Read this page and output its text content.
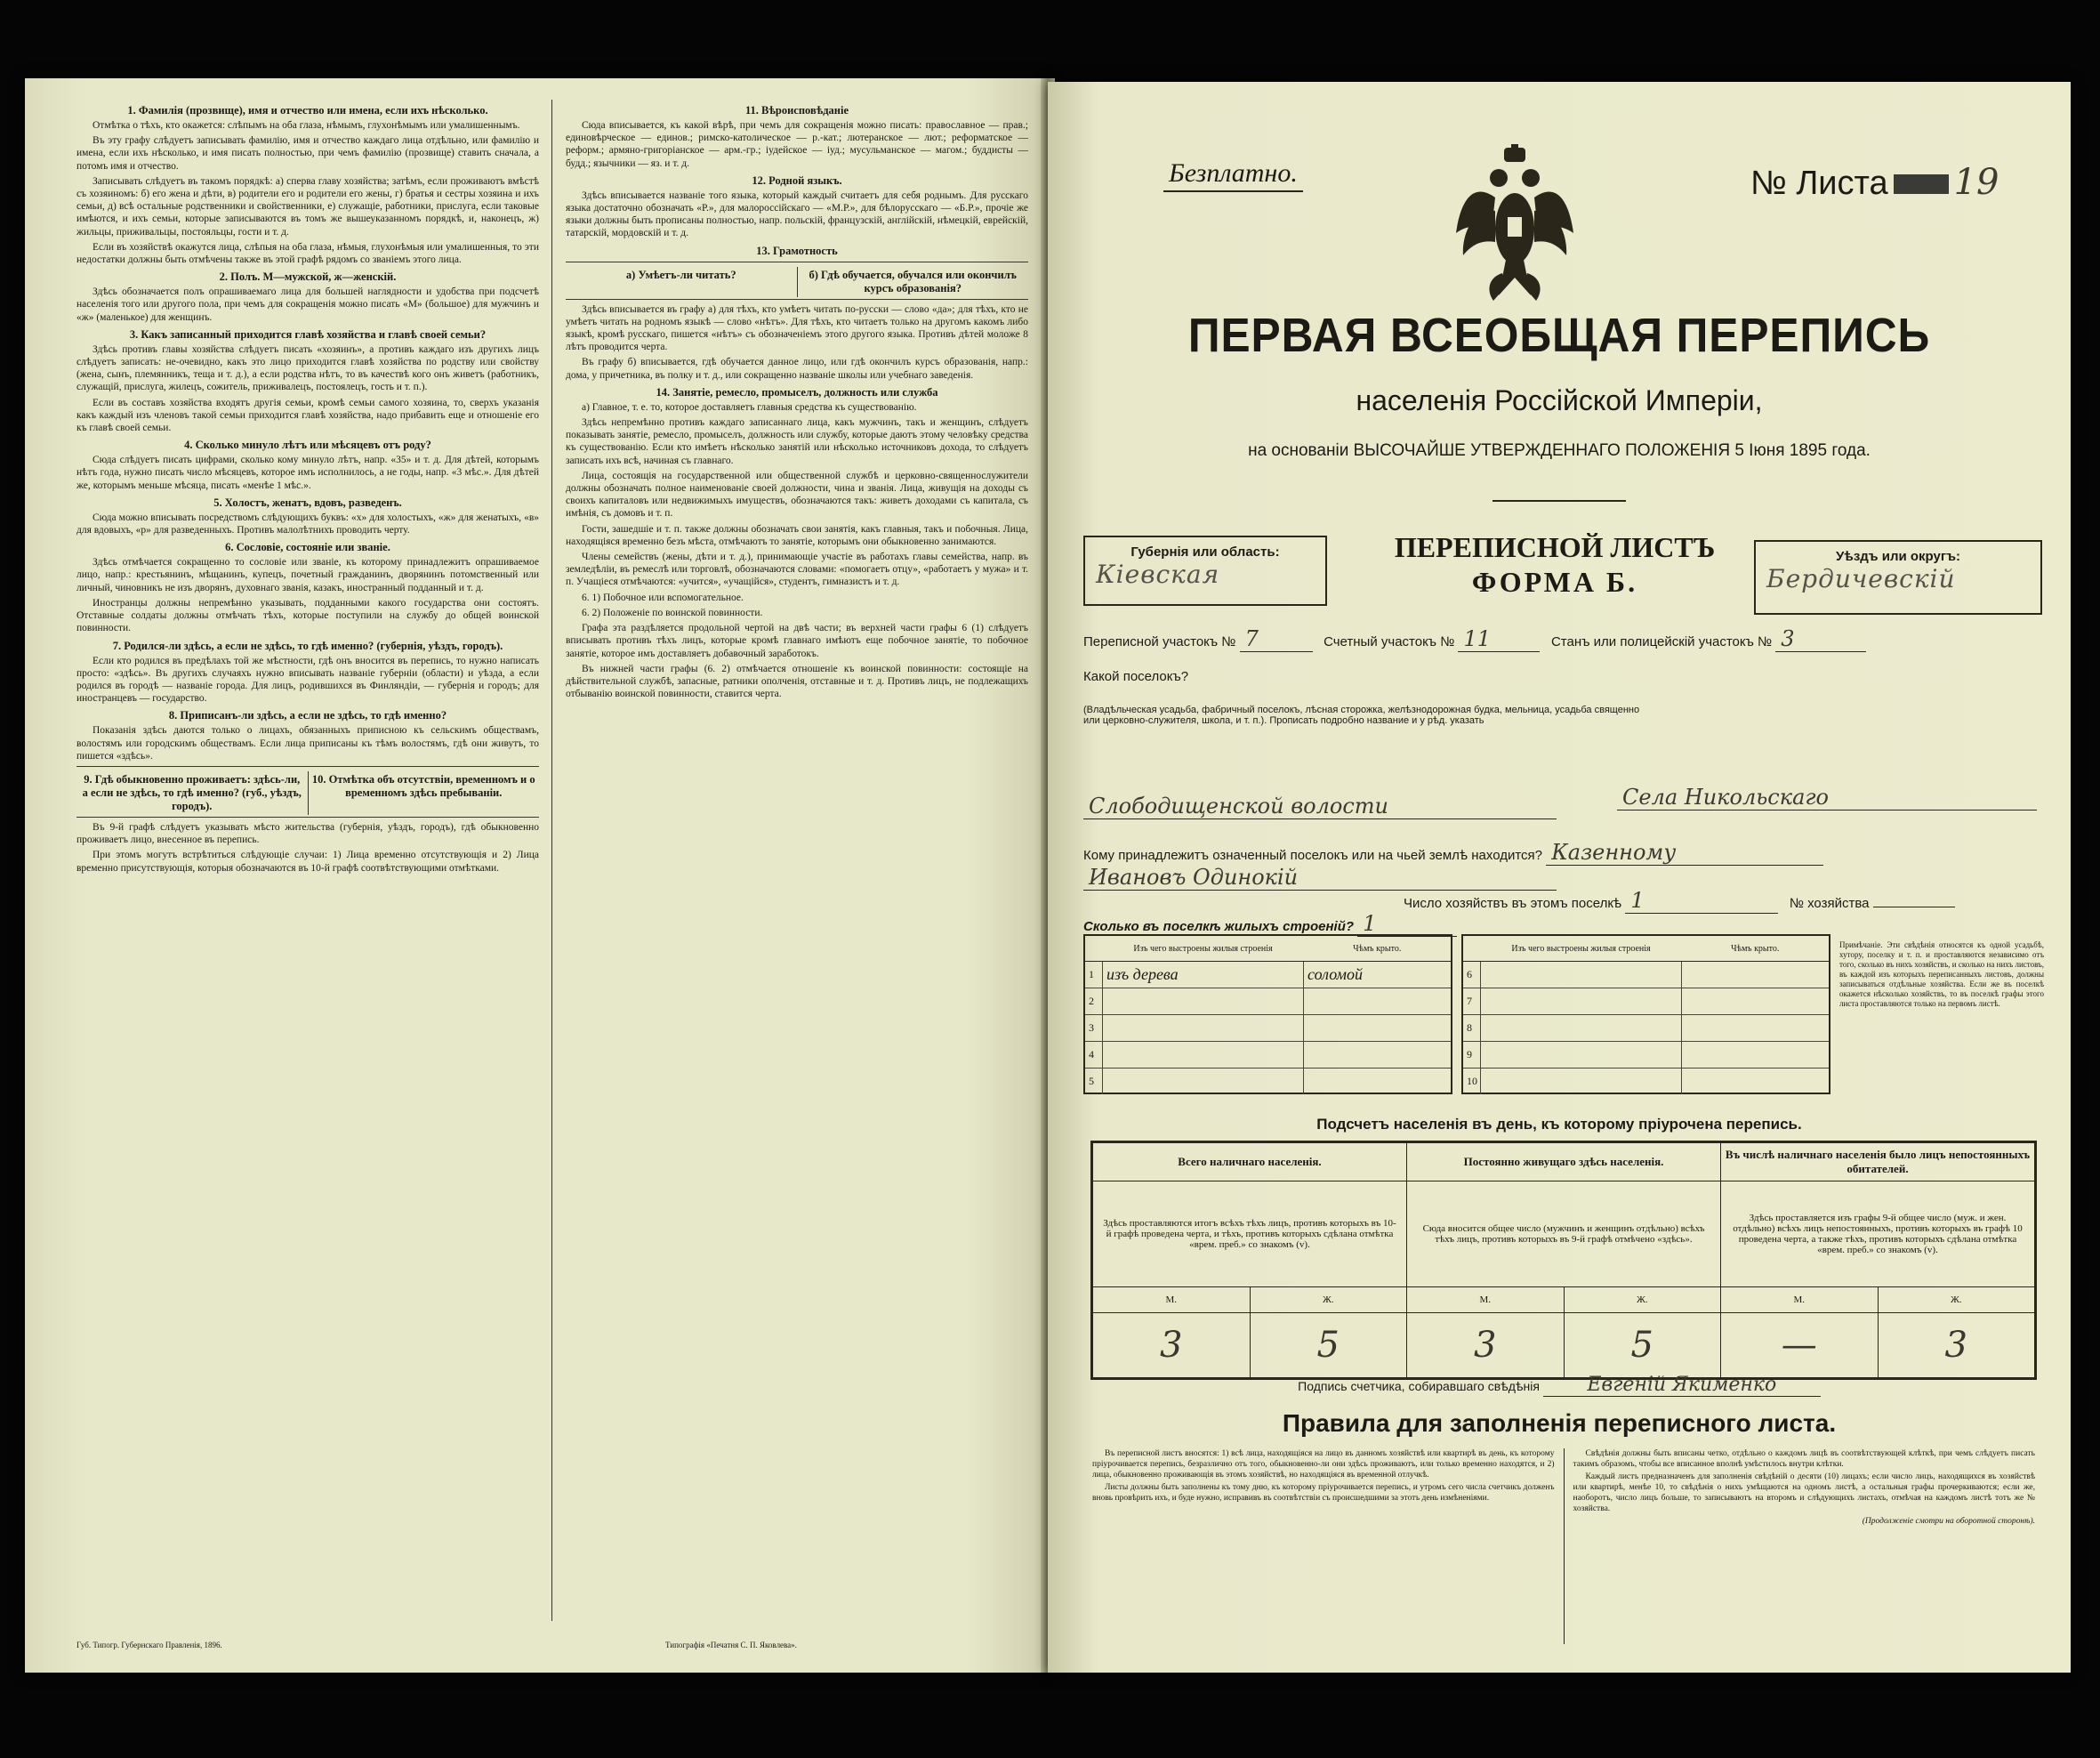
1. Фамилія (прозвище), имя и отчество или имена, если ихъ нѣсколько.

Отмѣтка о тѣхъ, кто окажется: слѣпымъ на оба глаза, нѣмымъ, глухонѣмымъ или умалишеннымъ.

Въ эту графу слѣдуетъ записывать фамилію, имя и отчество каждаго лица отдѣльно, или фамилію и имена, если ихъ нѣсколько, и имя писать полностью, при чемъ фамилію (прозвище) ставить сначала, а потомъ имя и отчество.

Записывать слѣдуетъ въ такомъ порядкѣ: а) сперва главу хозяйства; затѣмъ, если проживаютъ вмѣстѣ съ хозяиномъ: б) его жена и дѣти, в) родители его и родители его жены, г) братья и сестры хозяина и ихъ семьи, д) всѣ остальные родственники и свойственники, е) служащіе, работники, прислуга, если таковые имѣются, и ихъ семьи, которые записываются въ томъ же вышеуказанномъ порядкѣ, и, наконецъ, ж) жильцы, приживальцы, постояльцы, гости и т. д.

Если въ хозяйствѣ окажутся лица, слѣпыя на оба глаза, нѣмыя, глухонѣмыя или умалишенныя, то эти недостатки должны быть отмѣчены также въ этой графѣ рядомъ со званіемъ этого лица.

2. Полъ. М—мужской, ж—женскій.

Здѣсь обозначается полъ опрашиваемаго лица для большей наглядности и удобства при подсчетѣ населенія того или другого пола, при чемъ для сокращенія можно писать «М» (большое) для мужчинъ и «ж» (маленькое) для женщинъ.

3. Какъ записанный приходится главѣ хозяйства и главѣ своей семьи?

Здѣсь противъ главы хозяйства слѣдуетъ писать «хозяинъ», а противъ каждаго изъ другихъ лицъ слѣдуетъ записать: не-очевидно, какъ это лицо приходится главѣ хозяйства по родству или свойству (жена, сынъ, племянникъ, теща и т. д.), а если родства нѣтъ, то въ качествѣ кого онъ живетъ (работникъ, служащій, прислуга, жилецъ, сожитель, приживалецъ, постоялецъ, гость и т. п.).

Если въ составъ хозяйства входятъ другія семьи, кромѣ семьи самого хозяина, то, сверхъ указанія какъ каждый изъ членовъ такой семьи приходится главѣ хозяйства, надо прибавить еще и отношеніе его къ главѣ своей семьи.

4. Сколько минуло лѣтъ или мѣсяцевъ отъ роду?

Сюда слѣдуетъ писать цифрами, сколько кому минуло лѣтъ, напр. «35» и т. д. Для дѣтей, которымъ нѣтъ года, нужно писать число мѣсяцевъ, которое имъ исполнилось, а не годы, напр. «3 мѣс.». Для дѣтей же, которымъ меньше мѣсяца, писать «менѣе 1 мѣс.».

5. Холостъ, женатъ, вдовъ, разведенъ.

Сюда можно вписывать посредствомъ слѣдующихъ буквъ: «х» для холостыхъ, «ж» для женатыхъ, «в» для вдовыхъ, «р» для разведенныхъ. Противъ малолѣтнихъ проводить черту.

6. Сословіе, состояніе или званіе.

Здѣсь отмѣчается сокращенно то сословіе или званіе, къ которому принадлежитъ опрашиваемое лицо, напр.: крестьянинъ, мѣщанинъ, купецъ, почетный гражданинъ, дворянинъ потомственный или личный, чиновникъ не изъ дворянъ, духовнаго званія, казакъ, иностранный подданный и т. д.

Иностранцы должны непремѣнно указывать, подданными какого государства они состоятъ. Отставные солдаты должны отмѣчать тѣхъ, которые поступили на службу до общей воинской повинности.

7. Родился-ли здѣсь, а если не здѣсь, то гдѣ именно? (губернія, уѣздъ, городъ).

Если кто родился въ предѣлахъ той же мѣстности, гдѣ онъ вносится въ перепись, то нужно написать просто: «здѣсь». Въ другихъ случаяхъ нужно вписывать названіе губерніи (области) и уѣзда, а если родился въ городѣ — названіе города. Для лицъ, родившихся въ Финляндіи, — губернія и городъ; для иностранцевъ — государство.

8. Приписанъ-ли здѣсь, а если не здѣсь, то гдѣ именно?

Показанія здѣсь даются только о лицахъ, обязанныхъ приписною къ сельскимъ обществамъ, волостямъ или городскимъ обществамъ. Если лица приписаны къ тѣмъ волостямъ, гдѣ они живутъ, то пишется «здѣсь».

9. Гдѣ обыкновенно проживаетъ: здѣсь-ли, а если не здѣсь, то гдѣ именно? (губ., уѣздъ, городъ).
10. Отмѣтка объ отсутствіи, временномъ и о временномъ здѣсь пребываніи.

Въ 9-й графѣ слѣдуетъ указывать мѣсто жительства (губернія, уѣздъ, городъ), гдѣ обыкновенно проживаетъ лицо, внесенное въ перепись.

При этомъ могутъ встрѣтиться слѣдующіе случаи: 1) Лица временно отсутствующія и 2) Лица временно присутствующія, которыя обозначаются въ 10-й графѣ соотвѣтствующими отмѣтками.

11. Вѣроисповѣданіе

Сюда вписывается, къ какой вѣрѣ, при чемъ для сокращенія можно писать: православное — прав.; единовѣрческое — единов.; римско-католическое — р.-кат.; лютеранское — лют.; реформатское — реформ.; армяно-григоріанское — арм.-гр.; іудейское — іуд.; мусульманское — магом.; буддисты — будд.; язычники — яз. и т. д.

12. Родной языкъ.

Здѣсь вписывается названіе того языка, который каждый считаетъ для себя роднымъ. Для русскаго языка достаточно обозначать «Р.», для малороссійскаго — «М.Р.», для бѣлорусскаго — «Б.Р.», прочіе же языки должны быть прописаны полностью, напр. польскій, французскій, англійскій, нѣмецкій, еврейскій, татарскій, мордовскій и т. д.

13. Грамотность
а) Умѣетъ-ли читать?	б) Гдѣ обучается, обучался или окончилъ курсъ образованія?

Здѣсь вписывается въ графу а) для тѣхъ, кто умѣетъ читать по-русски — слово «да»; для тѣхъ, кто не умѣетъ читать на родномъ языкѣ — слово «нѣтъ». Для тѣхъ, кто читаетъ только на другомъ какомъ либо языкѣ, кромѣ русскаго, пишется «нѣтъ» съ обозначеніемъ этого другого языка. Противъ дѣтей моложе 8 лѣтъ проводится черта.

Въ графу б) вписывается, гдѣ обучается данное лицо, или гдѣ окончилъ курсъ образованія, напр.: дома, у причетника, въ полку и т. д., или сокращенно названіе школы или учебнаго заведенія.

14. Занятіе, ремесло, промыселъ, должность или служба

а) Главное, т. е. то, которое доставляетъ главныя средства къ существованію.

Здѣсь непремѣнно противъ каждаго записаннаго лица, какъ мужчинъ, такъ и женщинъ, слѣдуетъ показывать занятіе, ремесло, промыселъ, должность или службу, которые даютъ этому человѣку средства къ существованію. Если кто имѣетъ нѣсколько занятій или нѣсколько источниковъ дохода, то слѣдуетъ записать ихъ всѣ, начиная съ главнаго.

Лица, состоящія на государственной или общественной службѣ и церковно-священнослужители должны обозначать полное наименованіе своей должности, чина и званія. Лица, живущія на доходы съ своихъ капиталовъ или недвижимыхъ имуществъ, обозначаются такъ: живетъ доходами съ капитала, съ имѣнія, съ домовъ и т. п.

Гости, зашедшіе и т. п. также должны обозначать свои занятія, какъ главныя, такъ и побочныя. Лица, находящіяся временно безъ мѣста, отмѣчаютъ то занятіе, которымъ они обыкновенно занимаются.

Члены семействъ (жены, дѣти и т. д.), принимающіе участіе въ работахъ главы семейства, напр. въ земледѣліи, въ ремеслѣ или торговлѣ, обозначаются словами: «помогаетъ отцу», «работаетъ у мужа» и т. п. Учащіеся отмѣчаются: «учится», «учащійся», студентъ, гимназистъ и т. д.

6. 1) Побочное или вспомогательное.

6. 2) Положеніе по воинской повинности.

Графа эта раздѣляется продольной чертой на двѣ части; въ верхней части графы 6 (1) слѣдуетъ вписывать противъ тѣхъ лицъ, которые кромѣ главнаго имѣютъ еще побочное занятіе, то побочное занятіе, которое имъ доставляетъ добавочный заработокъ.

Въ нижней части графы (6. 2) отмѣчается отношеніе къ воинской повинности: состоящіе на дѣйствительной службѣ, запасные, ратники ополченія, отставные и т. д. Противъ лицъ, не подлежащихъ отбыванію воинской повинности, ставится черта.

Губ. Типогр. Губернскаго Правленія, 1896.	Типографія «Печатня С. П. Яковлева».
Безплатно.	№ Листа 19
ПЕРВАЯ ВСЕОБЩАЯ ПЕРЕПИСЬ
населенія Россійской Имперіи,
на основаніи ВЫСОЧАЙШЕ УТВЕРЖДЕННАГО ПОЛОЖЕНІЯ 5 Іюня 1895 года.
Губернія или область:
Кіевская
ПЕРЕПИСНОЙ ЛИСТЪ
ФОРМА Б.
Уѣздъ или округъ:
Бердичевскій
Переписной участокъ № 7	Счетный участокъ № 11	Станъ или полицейскій участокъ № 3
Какой поселокъ?
(Владѣльческая усадьба, фабричный поселокъ, лѣсная сторожка, желѣзнодорожная будка, мельница, усадьба священно или церковно-служителя, школа, и т. п.). Прописать подробно название и у рѣд. указать
Села Никольскаго
Слободищенской волости
Кому принадлежитъ означенный поселокъ или на чьей землѣ находится? Казенному
Ивановъ Одинокій
Число хозяйствъ въ этомъ поселкѣ 1	№ хозяйства
Сколько въ поселкѣ жилыхъ строеній? 1
	Изъ чего выстроены жилыя строенія	Чѣмъ крыто.
1	изъ дерева	соломой
2		
3		
4		
5		
	Изъ чего выстроены жилыя строенія	Чѣмъ крыто.
6		
7		
8		
9		
10		
Примѣчаніе. Эти свѣдѣнія относятся къ одной усадьбѣ, хутору, поселку и т. п. и проставляются независимо отъ того, сколько въ нихъ хозяйствъ, и сколько на нихъ листовъ, въ каждой изъ которыхъ переписанныхъ листовъ, должны записываться отдѣльные хозяйства. Если же въ поселкѣ окажется нѣсколько хозяйствъ, то въ поселкѣ графы этого листа проставляются только на первомъ листѣ.
Подсчетъ населенія въ день, къ которому пріурочена перепись.
Всего наличнаго населенія.		Постоянно живущаго здѣсь населенія.		Въ числѣ наличнаго населенія было лицъ непостоянныхъ обитателей.	
Здѣсь проставляются итогъ всѣхъ тѣхъ лицъ, противъ которыхъ въ 10-й графѣ проведена черта, и тѣхъ, противъ которыхъ сдѣлана отмѣтка «врем. преб.» со знакомъ (v).		Сюда вносится общее число (мужчинъ и женщинъ отдѣльно) всѣхъ тѣхъ лицъ, противъ которыхъ въ 9-й графѣ отмѣчено «здѣсь».		Здѣсь проставляется изъ графы 9-й общее число (муж. и жен. отдѣльно) всѣхъ лицъ непостоянныхъ, противъ которыхъ въ графѣ 10 проведена черта, а также тѣхъ, противъ которыхъ сдѣлана отмѣтка «врем. преб.» со знакомъ (v).	
М.	Ж.	М.	Ж.	М.	Ж.
3	5	3	5	—	3
Подпись счетчика, собиравшаго свѣдѣнія Евгеній Якименко
Правила для заполненія переписного листа.

Въ переписной листъ вносятся: 1) всѣ лица, находящіяся на лицо въ данномъ хозяйствѣ или квартирѣ въ день, къ которому пріурочивается перепись, безразлично отъ того, обыкновенно-ли они здѣсь проживаютъ, или только временно находятся, и 2) лица, обыкновенно проживающія въ этомъ хозяйствѣ, но находящіяся въ временной отлучкѣ.

Листы должны быть заполнены къ тому дню, къ которому пріурочивается перепись, и утромъ сего числа счетчикъ долженъ вновь провѣрить ихъ, и буде нужно, исправивъ въ соотвѣтствіи съ происшедшими за этотъ день измѣненіями.

Свѣдѣнія должны быть вписаны четко, отдѣльно о каждомъ лицѣ въ соотвѣтствующей клѣткѣ, при чемъ слѣдуетъ писать такимъ образомъ, чтобы все вписанное вполнѣ умѣстилось внутри клѣтки.

Каждый листъ предназначенъ для заполненія свѣдѣній о десяти (10) лицахъ; если число лицъ, находящихся въ хозяйствѣ или квартирѣ, менѣе 10, то свѣдѣнія о нихъ умѣщаются на одномъ листѣ, а остальныя графы прочеркиваются; если же, наоборотъ, число лицъ больше, то записываютъ на второмъ и слѣдующихъ листахъ, отмѣчая на каждомъ листѣ тотъ же № хозяйства.

(Продолженіе смотри на оборотной сторонѣ).
